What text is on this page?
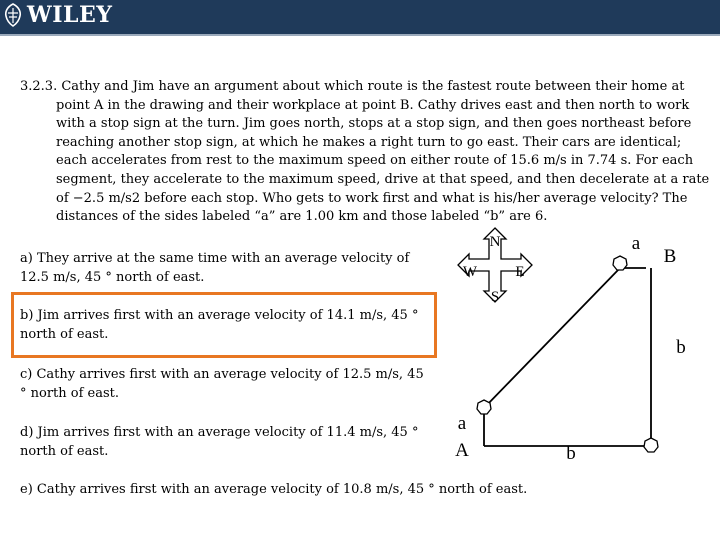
WILEY
3.2.3. Cathy and Jim have an argument about which route is the fastest route between their home at point A in the drawing and their workplace at point B. Cathy drives east and then north to work with a stop sign at the turn. Jim goes north, stops at a stop sign, and then goes northeast before reaching another stop sign, at which he makes a right turn to go east. Their cars are identical; each accelerates from rest to the maximum speed on either route of 15.6 m/s in 7.74 s. For each segment, they accelerate to the maximum speed, drive at that speed, and then decelerate at a rate of −2.5 m/s2 before each stop. Who gets to work first and what is his/her average velocity? The distances of the sides labeled “a” are 1.00 km and those labeled “b” are 6.
a) They arrive at the same time with an average velocity of 12.5 m/s, 45 ° north of east.
b) Jim arrives first with an average velocity of 14.1 m/s, 45 ° north of east.
c) Cathy arrives first with an average velocity of 12.5 m/s, 45 ° north of east.
d) Jim arrives first with an average velocity of 11.4 m/s, 45 ° north of east.
e) Cathy arrives first with an average velocity of 10.8 m/s, 45 ° north of east.
N
S
W	E
a
B
b
a
A	b
